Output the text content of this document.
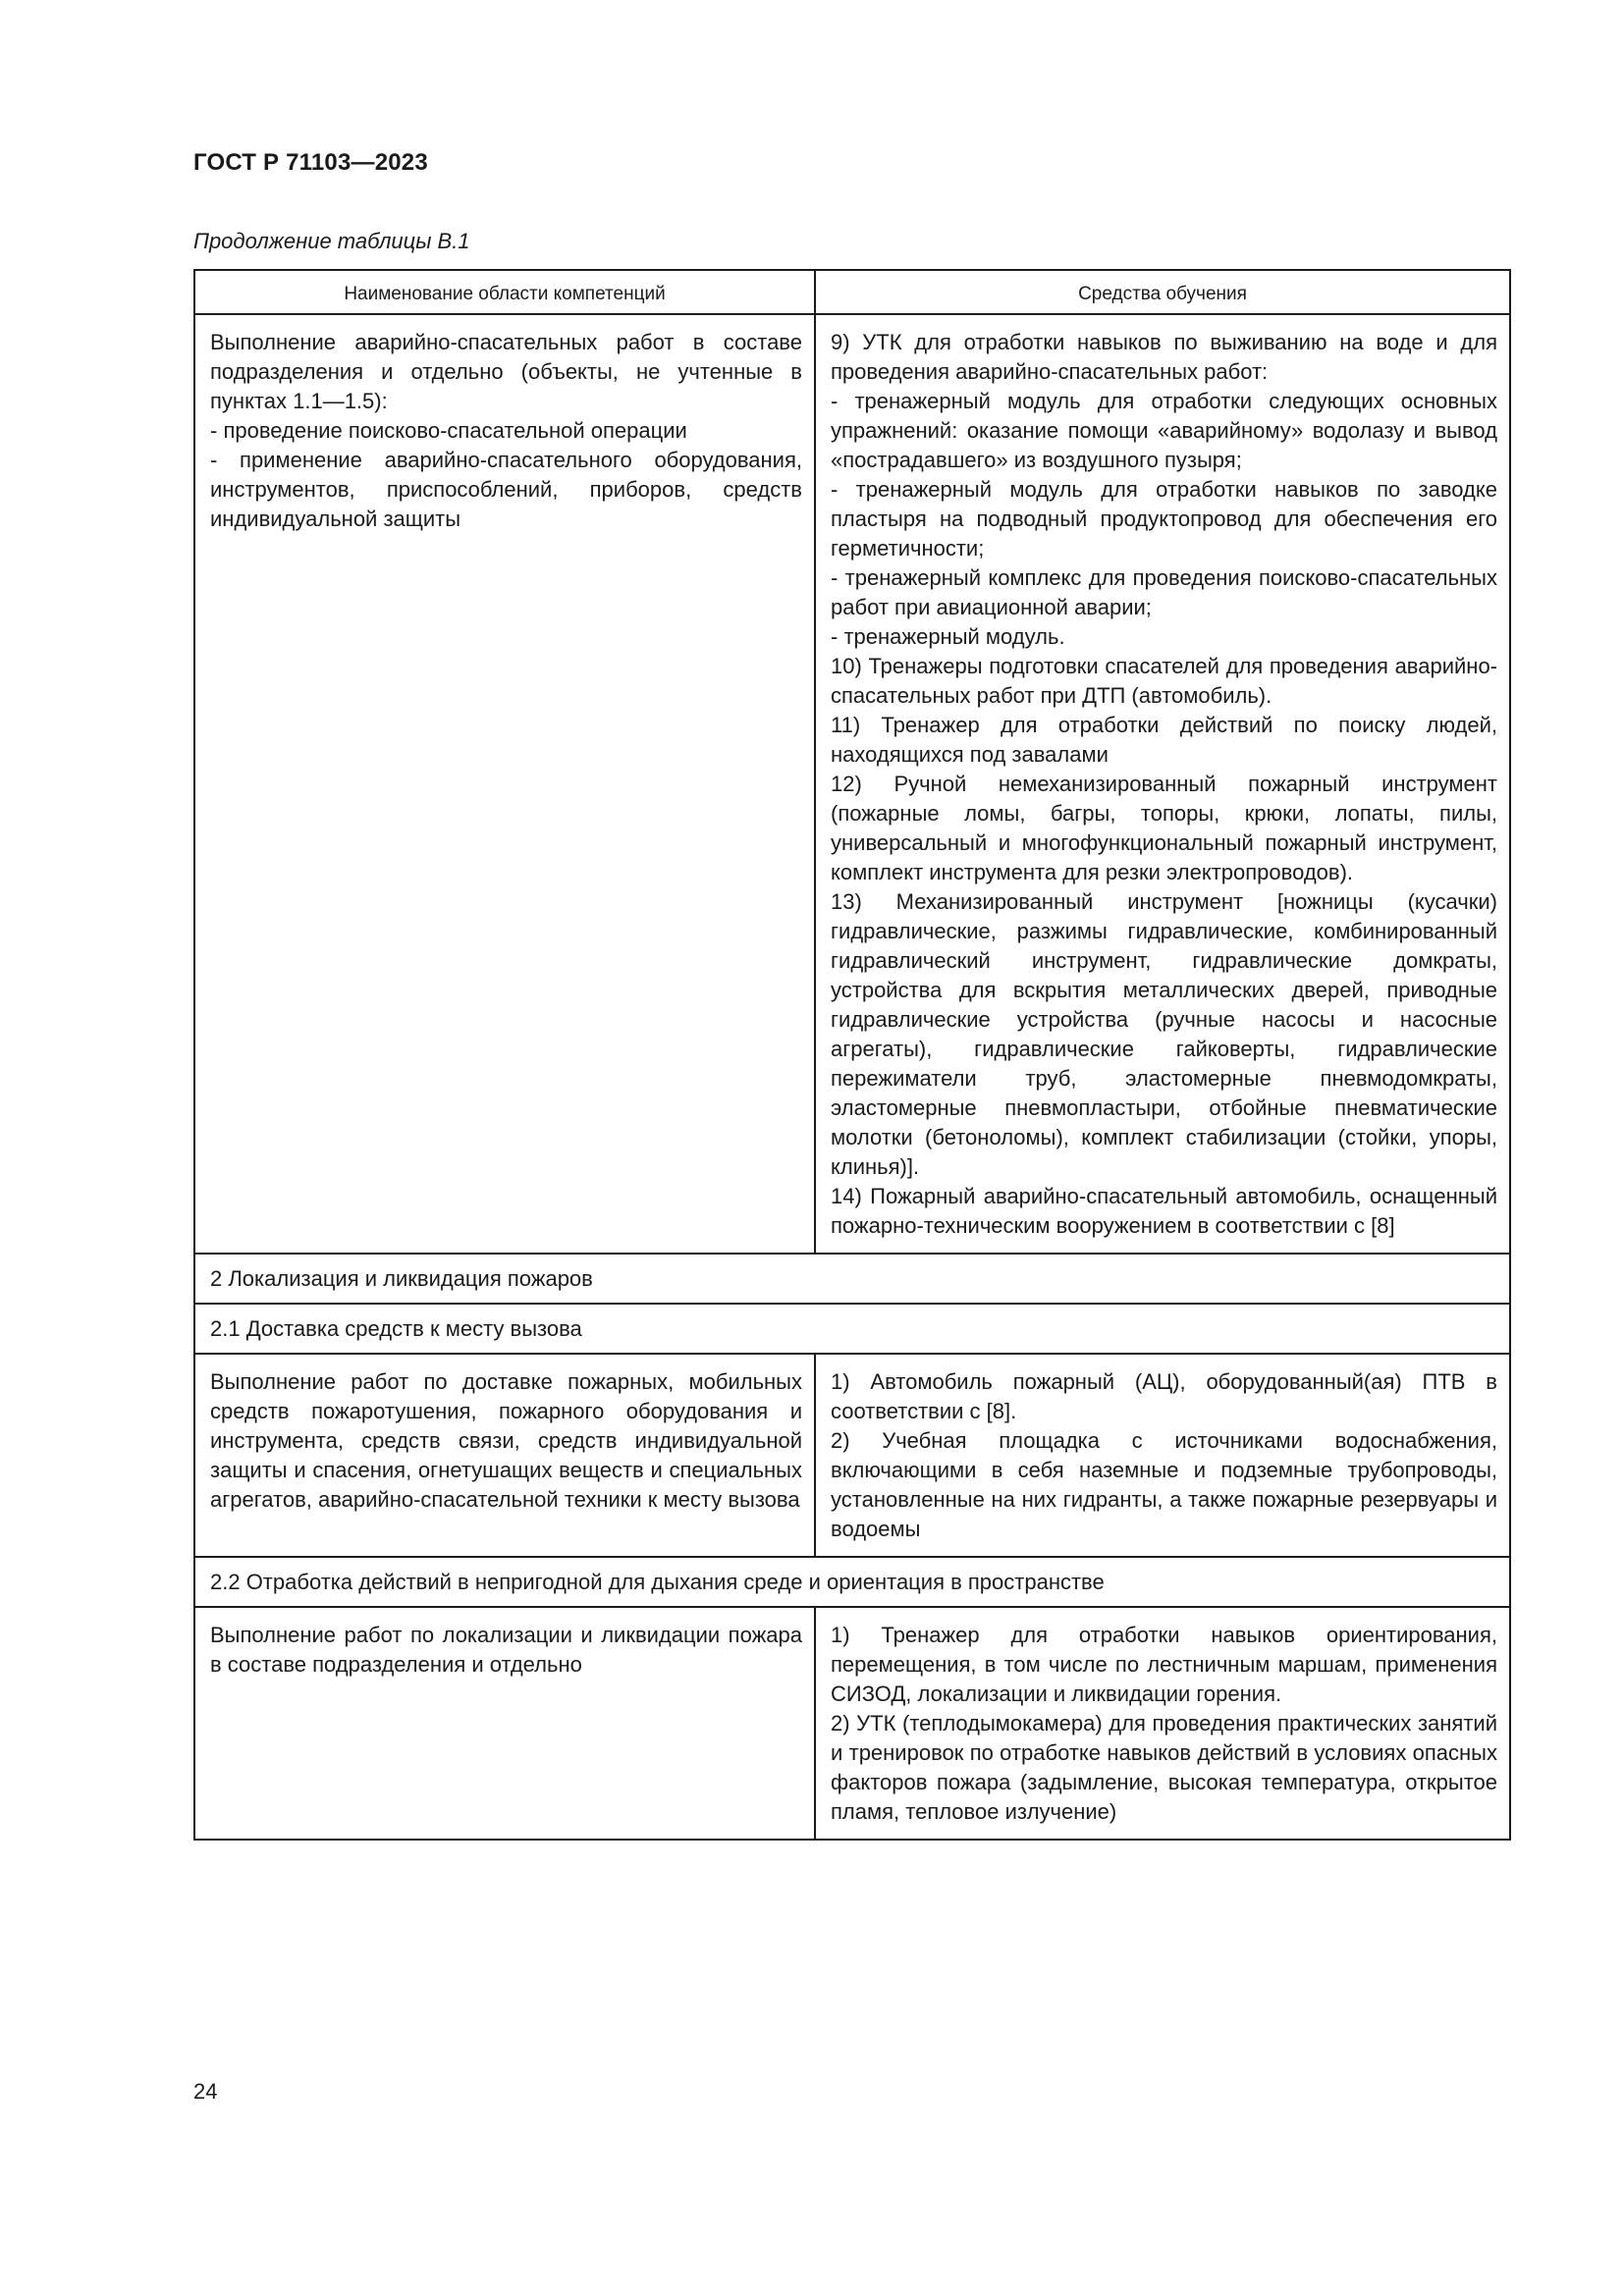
ГОСТ Р 71103—2023
Продолжение таблицы В.1
Наименование области компетенций	Средства обучения
Выполнение аварийно-спасательных работ в составе подразделения и отдельно (объекты, не учтенные в пунктах 1.1—1.5):
- проведение поисково-спасательной операции
- применение аварийно-спасательного оборудования, инструментов, приспособлений, приборов, средств индивидуальной защиты
9) УТК для отработки навыков по выживанию на воде и для проведения аварийно-спасательных работ:
- тренажерный модуль для отработки следующих основных упражнений: оказание помощи «аварийному» водолазу и вывод «пострадавшего» из воздушного пузыря;
- тренажерный модуль для отработки навыков по заводке пластыря на подводный продуктопровод для обеспечения его герметичности;
- тренажерный комплекс для проведения поисково-спасательных работ при авиационной аварии;
- тренажерный модуль.
10) Тренажеры подготовки спасателей для проведения аварийно-спасательных работ при ДТП (автомобиль).
11) Тренажер для отработки действий по поиску людей, находящихся под завалами
12) Ручной немеханизированный пожарный инструмент (пожарные ломы, багры, топоры, крюки, лопаты, пилы, универсальный и многофункциональный пожарный инструмент, комплект инструмента для резки электропроводов).
13) Механизированный инструмент [ножницы (кусачки) гидравлические, разжимы гидравлические, комбинированный гидравлический инструмент, гидравлические домкраты, устройства для вскрытия металлических дверей, приводные гидравлические устройства (ручные насосы и насосные агрегаты), гидравлические гайковерты, гидравлические пережиматели труб, эластомерные пневмодомкраты, эластомерные пневмопластыри, отбойные пневматические молотки (бетоноломы), комплект стабилизации (стойки, упоры, клинья)].
14) Пожарный аварийно-спасательный автомобиль, оснащенный пожарно-техническим вооружением в соответствии с [8]
2 Локализация и ликвидация пожаров
2.1 Доставка средств к месту вызова
Выполнение работ по доставке пожарных, мобильных средств пожаротушения, пожарного оборудования и инструмента, средств связи, средств индивидуальной защиты и спасения, огнетушащих веществ и специальных агрегатов, аварийно-спасательной техники к месту вызова
1) Автомобиль пожарный (АЦ), оборудованный(ая) ПТВ в соответствии с [8].
2) Учебная площадка с источниками водоснабжения, включающими в себя наземные и подземные трубопроводы, установленные на них гидранты, а также пожарные резервуары и водоемы
2.2 Отработка действий в непригодной для дыхания среде и ориентация в пространстве
Выполнение работ по локализации и ликвидации пожара в составе подразделения и отдельно
1) Тренажер для отработки навыков ориентирования, перемещения, в том числе по лестничным маршам, применения СИЗОД, локализации и ликвидации горения.
2) УТК (теплодымокамера) для проведения практических занятий и тренировок по отработке навыков действий в условиях опасных факторов пожара (задымление, высокая температура, открытое пламя, тепловое излучение)
24
